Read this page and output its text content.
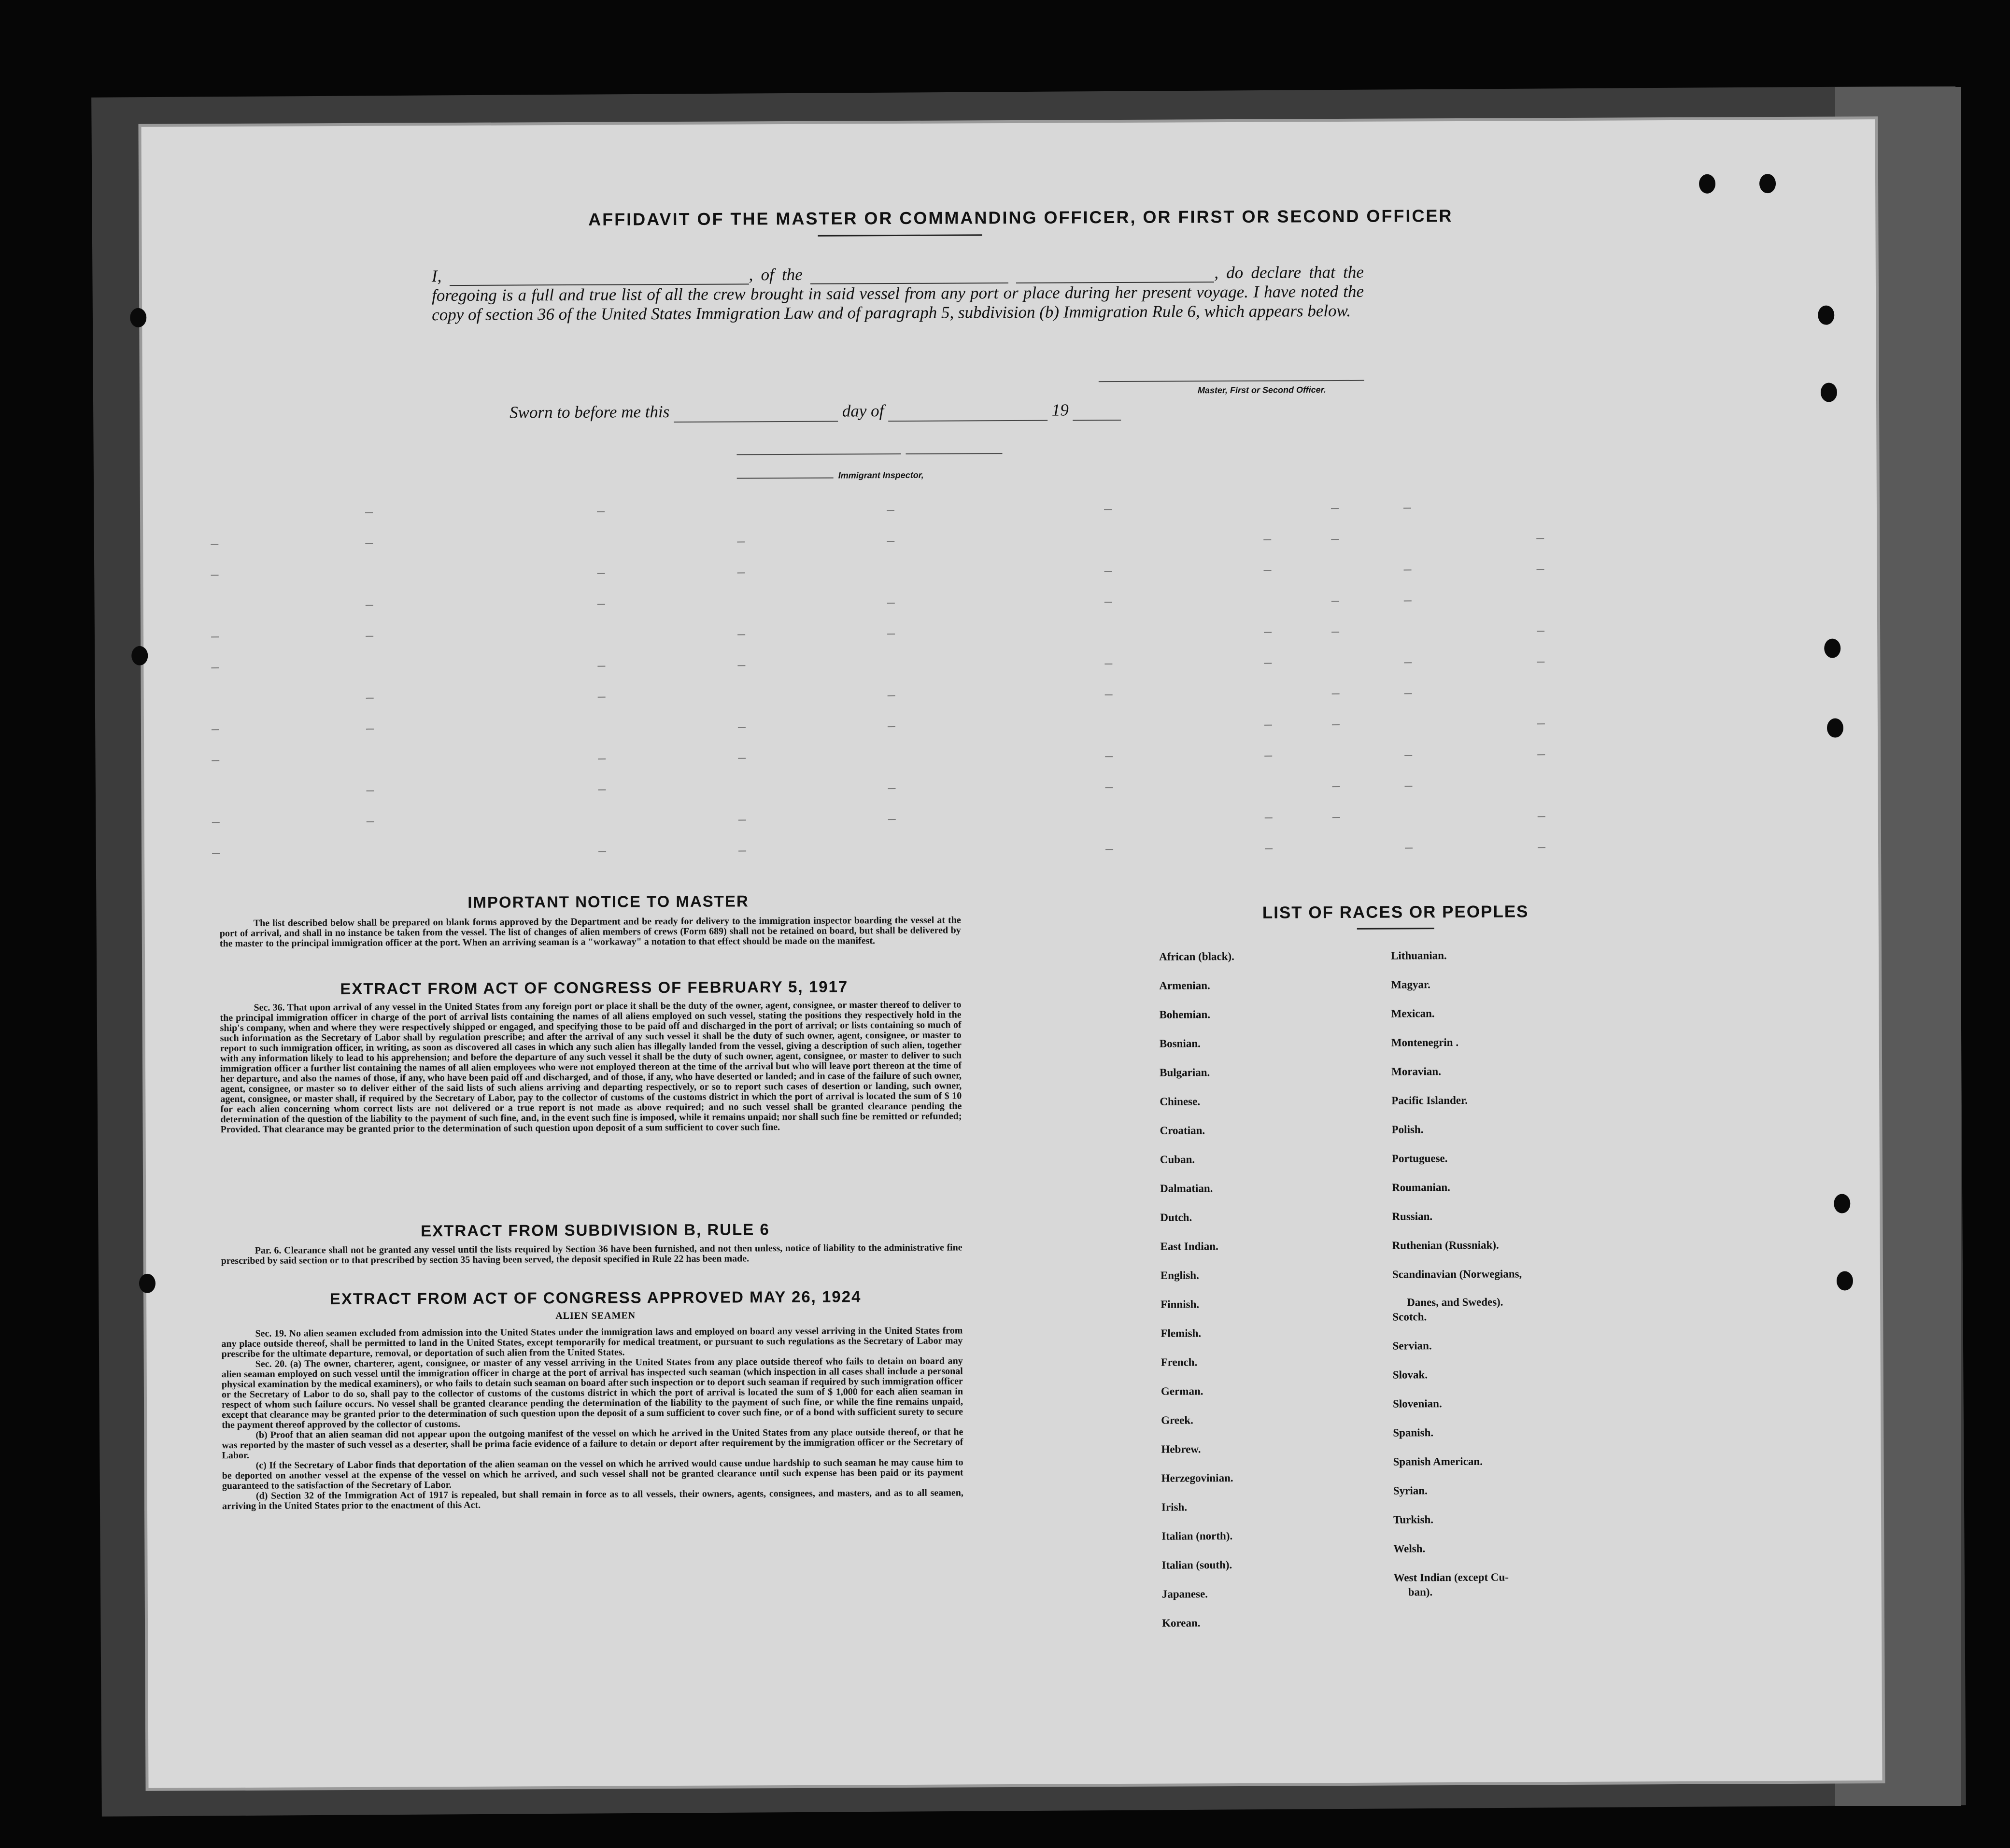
AFFIDAVIT OF THE MASTER OR COMMANDING OFFICER, OR FIRST OR SECOND OFFICER
I,	, of the	, do declare that the foregoing is a full and true list of all the crew brought in said vessel from any port or place during her present voyage. I have noted the copy of section 36 of the United States Immigration Law and of paragraph 5, subdivision (b) Immigration Rule 6, which appears below.
Master, First or Second Officer.
Sworn to before me this	day of	19
Immigrant Inspector,
IMPORTANT NOTICE TO MASTER
The list described below shall be prepared on blank forms approved by the Department and be ready for delivery to the immigration inspector boarding the vessel at the port of arrival, and shall in no instance be taken from the vessel. The list of changes of alien members of crews (Form 689) shall not be retained on board, but shall be delivered by the master to the principal immigration officer at the port. When an arriving seaman is a "workaway" a notation to that effect should be made on the manifest.
EXTRACT FROM ACT OF CONGRESS OF FEBRUARY 5, 1917
Sec. 36. That upon arrival of any vessel in the United States from any foreign port or place it shall be the duty of the owner, agent, consignee, or master thereof to deliver to the principal immigration officer in charge of the port of arrival lists containing the names of all aliens employed on such vessel, stating the positions they respectively hold in the ship's company, when and where they were respectively shipped or engaged, and specifying those to be paid off and discharged in the port of arrival; or lists containing so much of such information as the Secretary of Labor shall by regulation prescribe; and after the arrival of any such vessel it shall be the duty of such owner, agent, consignee, or master to report to such immigration officer, in writing, as soon as discovered all cases in which any such alien has illegally landed from the vessel, giving a description of such alien, together with any information likely to lead to his apprehension; and before the departure of any such vessel it shall be the duty of such owner, agent, consignee, or master to deliver to such immigration officer a further list containing the names of all alien employees who were not employed thereon at the time of the arrival but who will leave port thereon at the time of her departure, and also the names of those, if any, who have been paid off and discharged, and of those, if any, who have deserted or landed; and in case of the failure of such owner, agent, consignee, or master so to deliver either of the said lists of such aliens arriving and departing respectively, or so to report such cases of desertion or landing, such owner, agent, consignee, or master shall, if required by the Secretary of Labor, pay to the collector of customs of the customs district in which the port of arrival is located the sum of $ 10 for each alien concerning whom correct lists are not delivered or a true report is not made as above required; and no such vessel shall be granted clearance pending the determination of the question of the liability to the payment of such fine, and, in the event such fine is imposed, while it remains unpaid; nor shall such fine be remitted or refunded; Provided. That clearance may be granted prior to the determination of such question upon deposit of a sum sufficient to cover such fine.
EXTRACT FROM SUBDIVISION B, RULE 6
Par. 6. Clearance shall not be granted any vessel until the lists required by Section 36 have been furnished, and not then unless, notice of liability to the administrative fine prescribed by said section or to that prescribed by section 35 having been served, the deposit specified in Rule 22 has been made.
EXTRACT FROM ACT OF CONGRESS APPROVED MAY 26, 1924
ALIEN SEAMEN
Sec. 19. No alien seamen excluded from admission into the United States under the immigration laws and employed on board any vessel arriving in the United States from any place outside thereof, shall be permitted to land in the United States, except temporarily for medical treatment, or pursuant to such regulations as the Secretary of Labor may prescribe for the ultimate departure, removal, or deportation of such alien from the United States.
Sec. 20. (a) The owner, charterer, agent, consignee, or master of any vessel arriving in the United States from any place outside thereof who fails to detain on board any alien seaman employed on such vessel until the immigration officer in charge at the port of arrival has inspected such seaman (which inspection in all cases shall include a personal physical examination by the medical examiners), or who fails to detain such seaman on board after such inspection or to deport such seaman if required by such immigration officer or the Secretary of Labor to do so, shall pay to the collector of customs of the customs district in which the port of arrival is located the sum of $ 1,000 for each alien seaman in respect of whom such failure occurs. No vessel shall be granted clearance pending the determination of the liability to the payment of such fine, or while the fine remains unpaid, except that clearance may be granted prior to the determination of such question upon the deposit of a sum sufficient to cover such fine, or of a bond with sufficient surety to secure the payment thereof approved by the collector of customs.
(b) Proof that an alien seaman did not appear upon the outgoing manifest of the vessel on which he arrived in the United States from any place outside thereof, or that he was reported by the master of such vessel as a deserter, shall be prima facie evidence of a failure to detain or deport after requirement by the immigration officer or the Secretary of Labor.
(c) If the Secretary of Labor finds that deportation of the alien seaman on the vessel on which he arrived would cause undue hardship to such seaman he may cause him to be deported on another vessel at the expense of the vessel on which he arrived, and such vessel shall not be granted clearance until such expense has been paid or its payment guaranteed to the satisfaction of the Secretary of Labor.
(d) Section 32 of the Immigration Act of 1917 is repealed, but shall remain in force as to all vessels, their owners, agents, consignees, and masters, and as to all seamen, arriving in the United States prior to the enactment of this Act.
LIST OF RACES OR PEOPLES
African (black).
Armenian.
Bohemian.
Bosnian.
Bulgarian.
Chinese.
Croatian.
Cuban.
Dalmatian.
Dutch.
East Indian.
English.
Finnish.
Flemish.
French.
German.
Greek.
Hebrew.
Herzegovinian.
Irish.
Italian (north).
Italian (south).
Japanese.
Korean.
Lithuanian.
Magyar.
Mexican.
Montenegrin .
Moravian.
Pacific Islander.
Polish.
Portuguese.
Roumanian.
Russian.
Ruthenian (Russniak).
Scandinavian (Norwegians,
Danes, and Swedes).
Scotch.
Servian.
Slovak.
Slovenian.
Spanish.
Spanish American.
Syrian.
Turkish.
Welsh.
West Indian (except Cu-
ban).
